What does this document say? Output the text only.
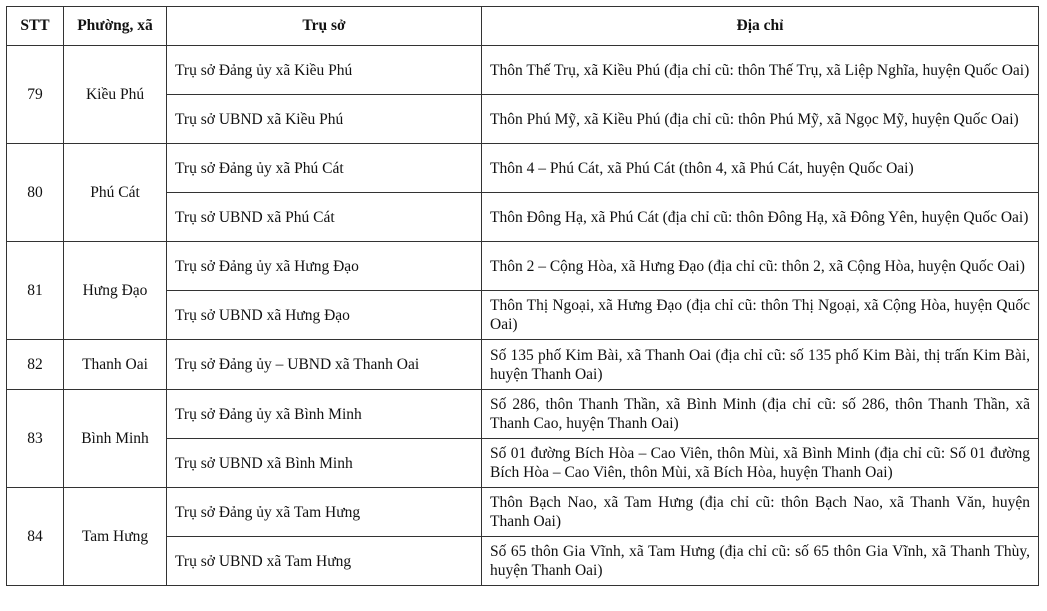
STT	Phường, xã	Trụ sở	Địa chỉ
79	Kiều Phú	Trụ sở Đảng ủy xã Kiều Phú	Thôn Thế Trụ, xã Kiều Phú (địa chỉ cũ: thôn Thế Trụ, xã Liệp Nghĩa, huyện Quốc Oai)
		Trụ sở UBND xã Kiều Phú	Thôn Phú Mỹ, xã Kiều Phú (địa chỉ cũ: thôn Phú Mỹ, xã Ngọc Mỹ, huyện Quốc Oai)
80	Phú Cát	Trụ sở Đảng ủy xã Phú Cát	Thôn 4 – Phú Cát, xã Phú Cát (thôn 4, xã Phú Cát, huyện Quốc Oai)
		Trụ sở UBND xã Phú Cát	Thôn Đông Hạ, xã Phú Cát (địa chỉ cũ: thôn Đông Hạ, xã Đông Yên, huyện Quốc Oai)
81	Hưng Đạo	Trụ sở Đảng ủy xã Hưng Đạo	Thôn 2 – Cộng Hòa, xã Hưng Đạo (địa chỉ cũ: thôn 2, xã Cộng Hòa, huyện Quốc Oai)
		Trụ sở UBND xã Hưng Đạo	Thôn Thị Ngoại, xã Hưng Đạo (địa chỉ cũ: thôn Thị Ngoại, xã Cộng Hòa, huyện Quốc Oai)
82	Thanh Oai	Trụ sở Đảng ủy – UBND xã Thanh Oai	Số 135 phố Kim Bài, xã Thanh Oai (địa chỉ cũ: số 135 phố Kim Bài, thị trấn Kim Bài, huyện Thanh Oai)
83	Bình Minh	Trụ sở Đảng ủy xã Bình Minh	Số 286, thôn Thanh Thần, xã Bình Minh (địa chỉ cũ: số 286, thôn Thanh Thần, xã Thanh Cao, huyện Thanh Oai)
		Trụ sở UBND xã Bình Minh	Số 01 đường Bích Hòa – Cao Viên, thôn Mùi, xã Bình Minh (địa chỉ cũ: Số 01 đường Bích Hòa – Cao Viên, thôn Mùi, xã Bích Hòa, huyện Thanh Oai)
84	Tam Hưng	Trụ sở Đảng ủy xã Tam Hưng	Thôn Bạch Nao, xã Tam Hưng (địa chỉ cũ: thôn Bạch Nao, xã Thanh Văn, huyện Thanh Oai)
		Trụ sở UBND xã Tam Hưng	Số 65 thôn Gia Vĩnh, xã Tam Hưng (địa chỉ cũ: số 65 thôn Gia Vĩnh, xã Thanh Thùy, huyện Thanh Oai)
